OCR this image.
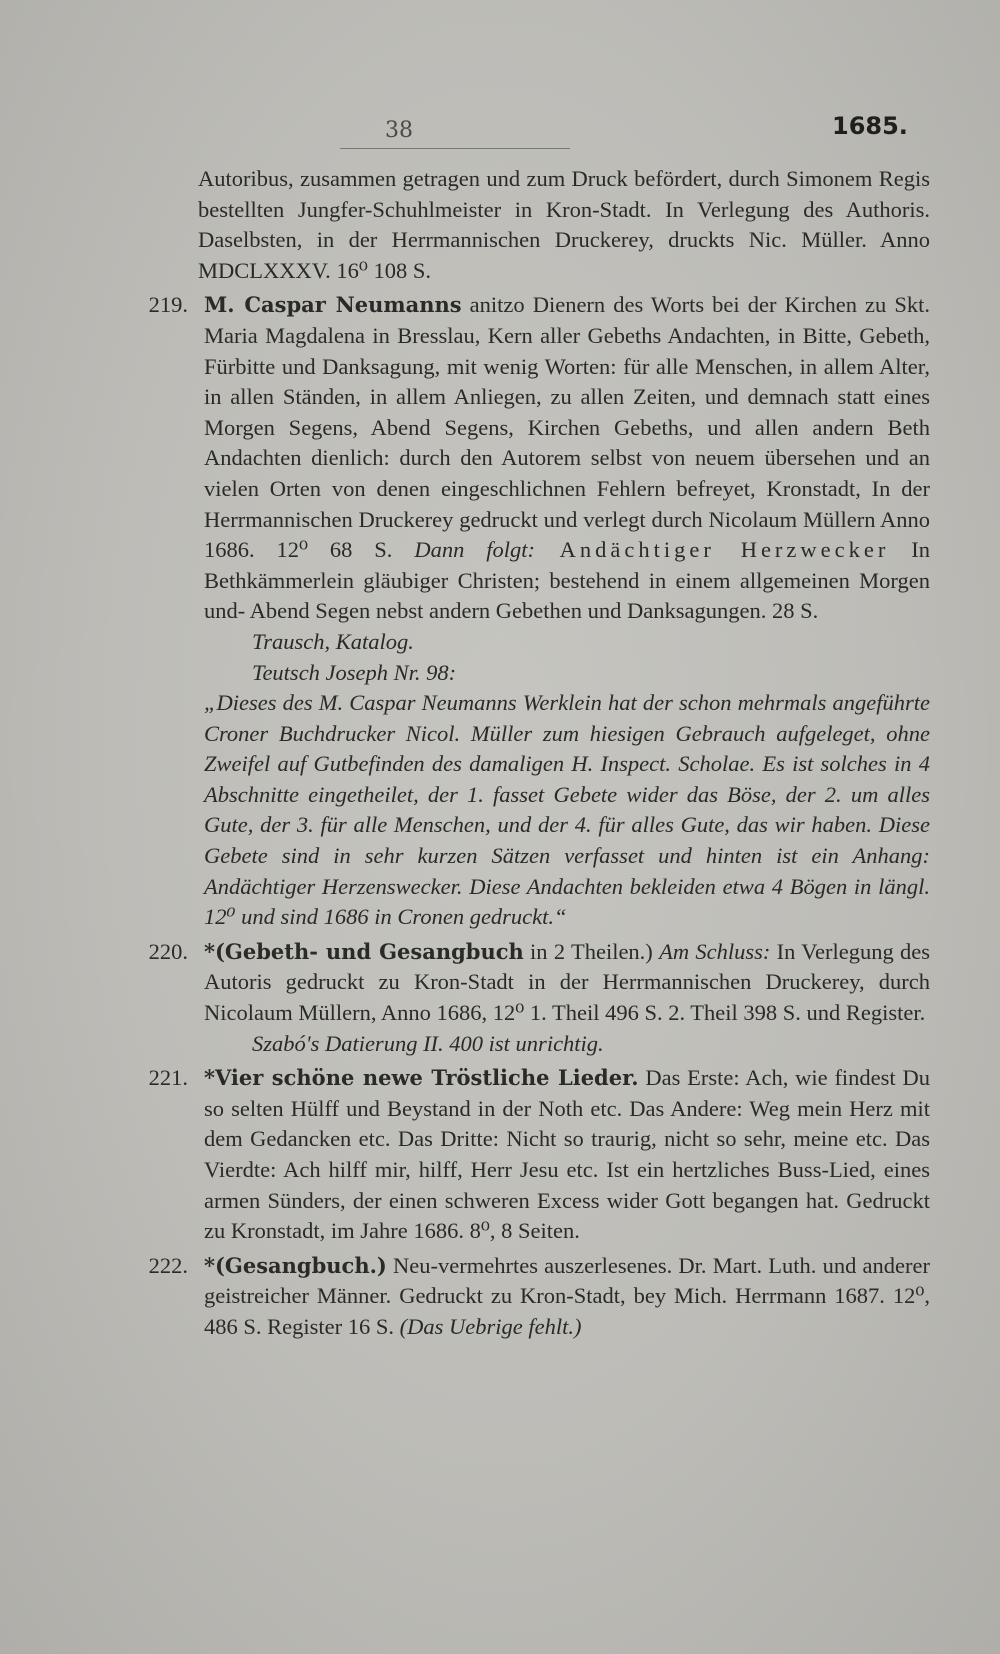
38	1685.

Autoribus, zusammen getragen und zum Druck befördert, durch Simonem Regis bestellten Jungfer-Schuhlmeister in Kron-Stadt. In Verlegung des Authoris. Daselbsten, in der Herrmannischen Druckerey, druckts Nic. Müller. Anno MDCLXXXV. 16⁰ 108 S.

219. M. Caspar Neumanns anitzo Dienern des Worts bei der Kirchen zu Skt. Maria Magdalena in Bresslau, Kern aller Gebeths Andachten, in Bitte, Gebeth, Fürbitte und Danksagung, mit wenig Worten: für alle Menschen, in allem Alter, in allen Ständen, in allem Anliegen, zu allen Zeiten, und demnach statt eines Morgen Segens, Abend Segens, Kirchen Gebeths, und allen andern Beth Andachten dienlich: durch den Autorem selbst von neuem übersehen und an vielen Orten von denen eingeschlichnen Fehlern befreyet, Kronstadt, In der Herrmannischen Druckerey gedruckt und verlegt durch Nicolaum Müllern Anno 1686. 12⁰ 68 S. Dann folgt: Andächtiger Herzwecker In Bethkämmerlein gläubiger Christen; bestehend in einem allgemeinen Morgen und- Abend Segen nebst andern Gebethen und Danksagungen. 28 S.

Trausch, Katalog.

Teutsch Joseph Nr. 98:

„Dieses des M. Caspar Neumanns Werklein hat der schon mehrmals angeführte Croner Buchdrucker Nicol. Müller zum hiesigen Gebrauch aufgeleget, ohne Zweifel auf Gutbefinden des damaligen H. Inspect. Scholae. Es ist solches in 4 Abschnitte eingetheilet, der 1. fasset Gebete wider das Böse, der 2. um alles Gute, der 3. für alle Menschen, und der 4. für alles Gute, das wir haben. Diese Gebete sind in sehr kurzen Sätzen verfasset und hinten ist ein Anhang: Andächtiger Herzenswecker. Diese Andachten bekleiden etwa 4 Bögen in längl. 12⁰ und sind 1686 in Cronen gedruckt.“

220. *(Gebeth- und Gesangbuch in 2 Theilen.) Am Schluss: In Verlegung des Autoris gedruckt zu Kron-Stadt in der Herrmannischen Druckerey, durch Nicolaum Müllern, Anno 1686, 12⁰ 1. Theil 496 S. 2. Theil 398 S. und Register.

Szabó's Datierung II. 400 ist unrichtig.

221. *Vier schöne newe Tröstliche Lieder. Das Erste: Ach, wie findest Du so selten Hülff und Beystand in der Noth etc. Das Andere: Weg mein Herz mit dem Gedancken etc. Das Dritte: Nicht so traurig, nicht so sehr, meine etc. Das Vierdte: Ach hilff mir, hilff, Herr Jesu etc. Ist ein hertzliches Buss-Lied, eines armen Sünders, der einen schweren Excess wider Gott begangen hat. Gedruckt zu Kronstadt, im Jahre 1686. 8⁰, 8 Seiten.

222. *(Gesangbuch.) Neu-vermehrtes auszerlesenes. Dr. Mart. Luth. und anderer geistreicher Männer. Gedruckt zu Kron-Stadt, bey Mich. Herrmann 1687. 12⁰, 486 S. Register 16 S. (Das Uebrige fehlt.)
